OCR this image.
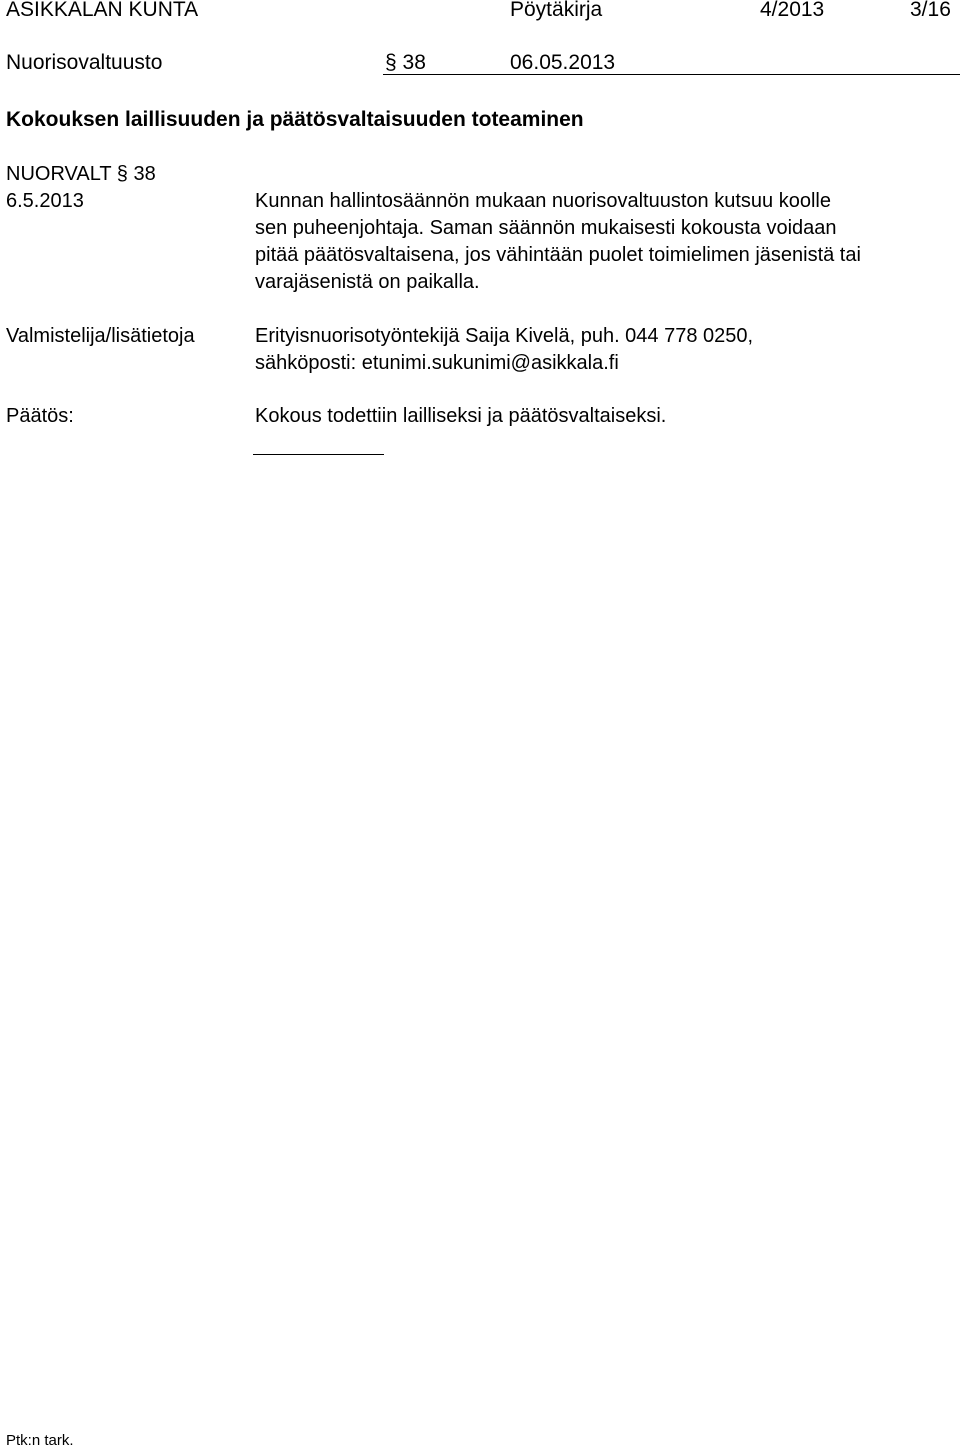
ASIKKALAN KUNTA	Pöytäkirja	4/2013	3/16
Nuorisovaltuusto	§ 38	06.05.2013
Kokouksen laillisuuden ja päätösvaltaisuuden toteaminen
NUORVALT § 38
6.5.2013	Kunnan hallintosäännön mukaan nuorisovaltuuston kutsuu koolle
sen puheenjohtaja. Saman säännön mukaisesti kokousta voidaan
pitää päätösvaltaisena, jos vähintään puolet toimielimen jäsenistä tai
varajäsenistä on paikalla.
Valmistelija/lisätietoja	Erityisnuorisotyöntekijä Saija Kivelä, puh. 044 778 0250,
sähköposti: etunimi.sukunimi@asikkala.fi
Päätös:	Kokous todettiin lailliseksi ja päätösvaltaiseksi.
Ptk:n tark.
